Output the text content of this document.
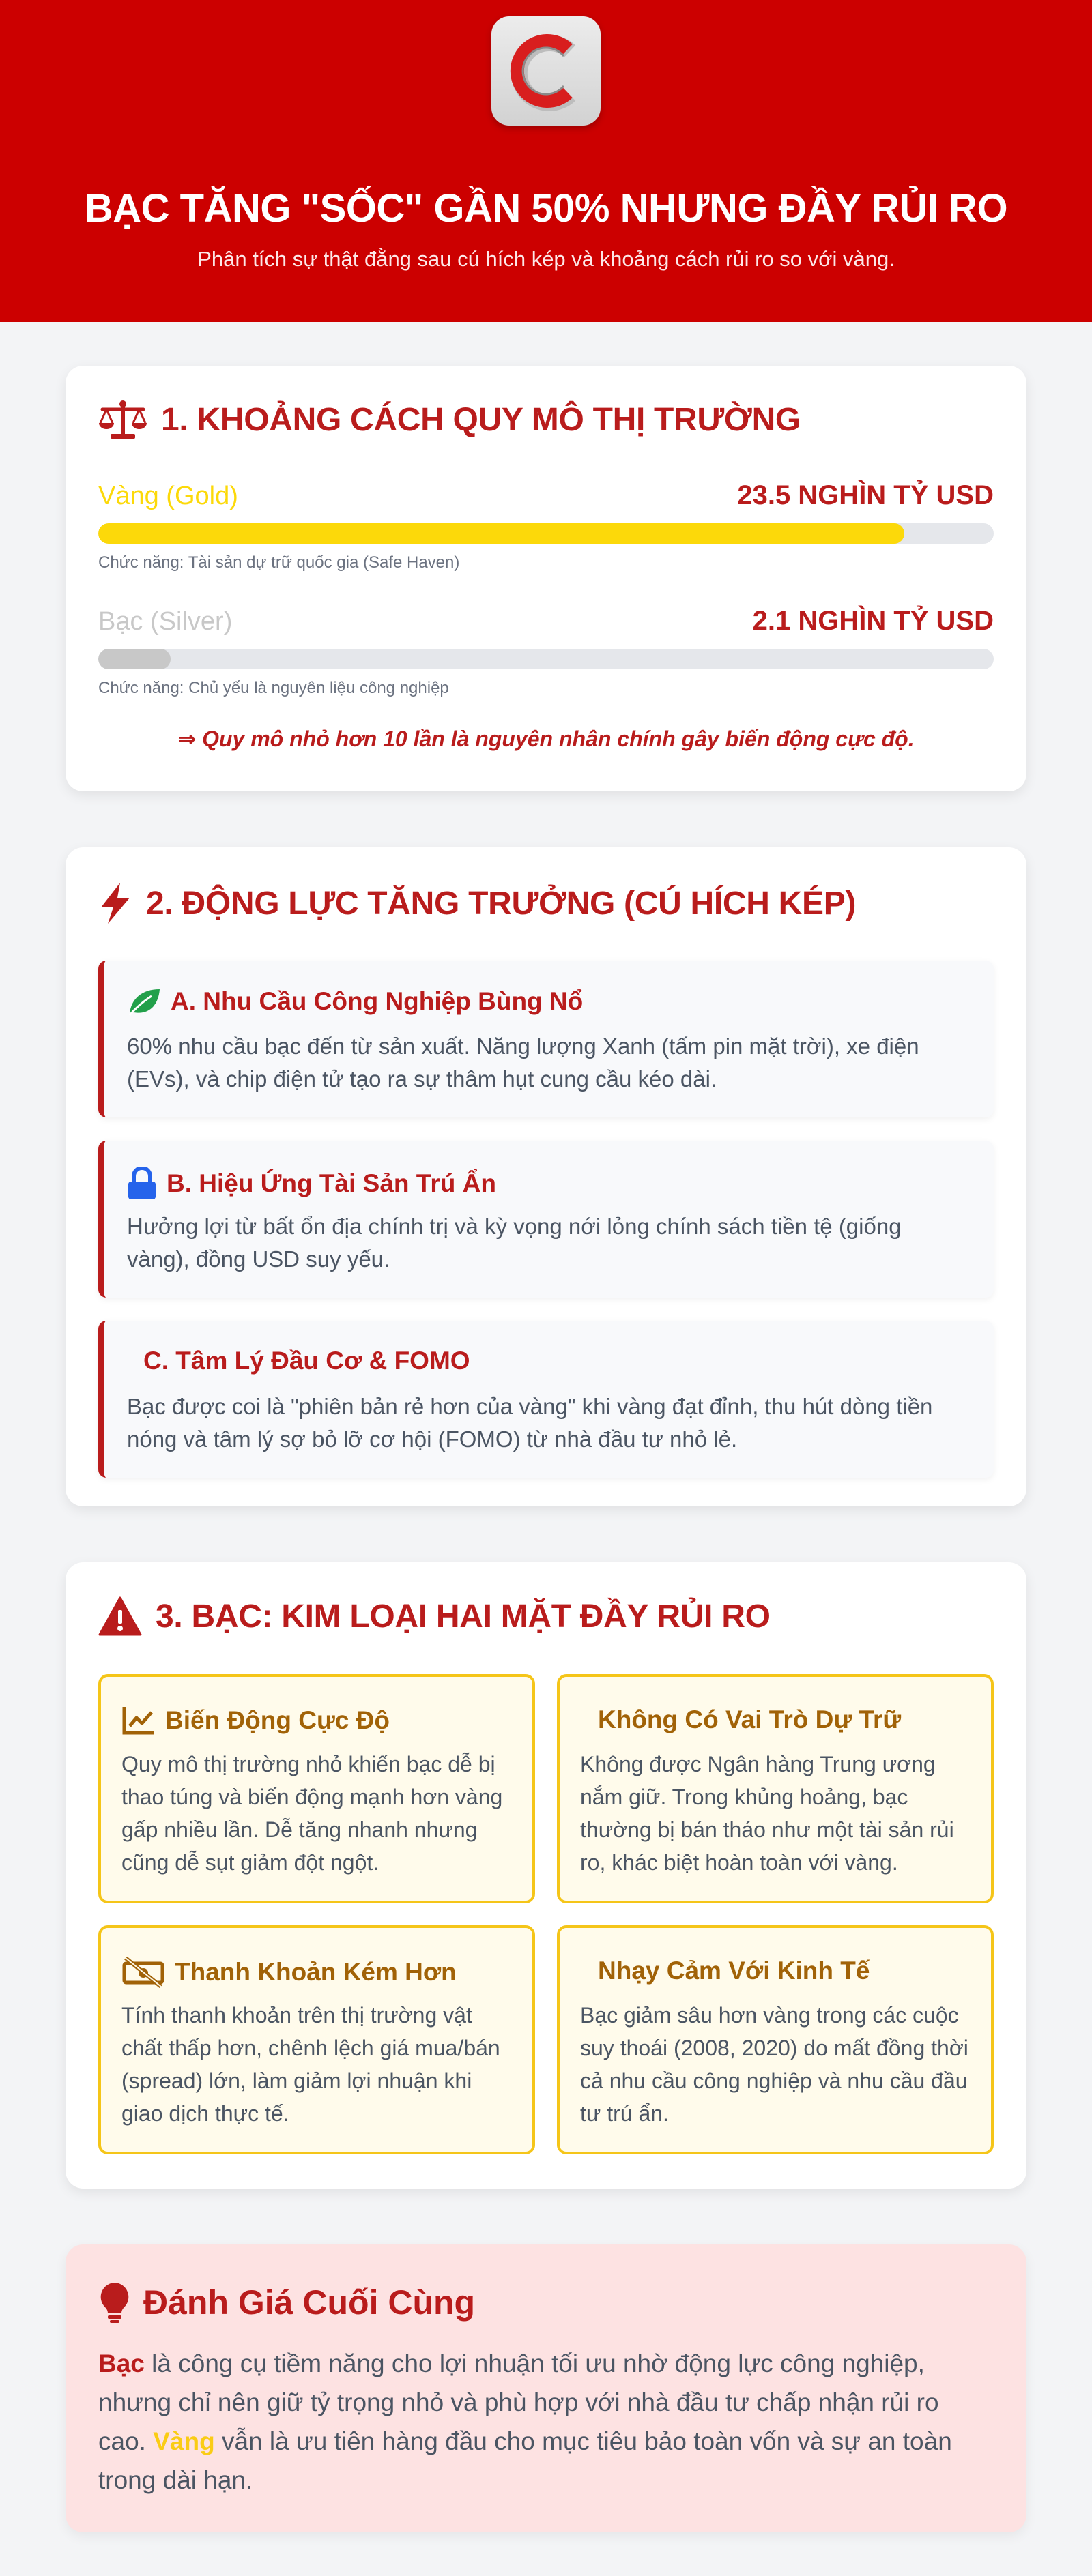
BẠC TĂNG "SỐC" GẦN 50% NHƯNG ĐẦY RỦI RO
Phân tích sự thật đằng sau cú hích kép và khoảng cách rủi ro so với vàng.
1. KHOẢNG CÁCH QUY MÔ THỊ TRƯỜNG
Vàng (Gold)	23.5 NGHÌN TỶ USD
Chức năng: Tài sản dự trữ quốc gia (Safe Haven)
Bạc (Silver)	2.1 NGHÌN TỶ USD
Chức năng: Chủ yếu là nguyên liệu công nghiệp
⇒ Quy mô nhỏ hơn 10 lần là nguyên nhân chính gây biến động cực độ.
2. ĐỘNG LỰC TĂNG TRƯỞNG (CÚ HÍCH KÉP)
A. Nhu Cầu Công Nghiệp Bùng Nổ
60% nhu cầu bạc đến từ sản xuất. Năng lượng Xanh (tấm pin mặt trời), xe điện (EVs), và chip điện tử tạo ra sự thâm hụt cung cầu kéo dài.
B. Hiệu Ứng Tài Sản Trú Ẩn
Hưởng lợi từ bất ổn địa chính trị và kỳ vọng nới lỏng chính sách tiền tệ (giống vàng), đồng USD suy yếu.
C. Tâm Lý Đầu Cơ & FOMO
Bạc được coi là "phiên bản rẻ hơn của vàng" khi vàng đạt đỉnh, thu hút dòng tiền nóng và tâm lý sợ bỏ lỡ cơ hội (FOMO) từ nhà đầu tư nhỏ lẻ.
3. BẠC: KIM LOẠI HAI MẶT ĐẦY RỦI RO
Biến Động Cực Độ
Quy mô thị trường nhỏ khiến bạc dễ bị thao túng và biến động mạnh hơn vàng gấp nhiều lần. Dễ tăng nhanh nhưng cũng dễ sụt giảm đột ngột.
Không Có Vai Trò Dự Trữ
Không được Ngân hàng Trung ương nắm giữ. Trong khủng hoảng, bạc thường bị bán tháo như một tài sản rủi ro, khác biệt hoàn toàn với vàng.
Thanh Khoản Kém Hơn
Tính thanh khoản trên thị trường vật chất thấp hơn, chênh lệch giá mua/bán (spread) lớn, làm giảm lợi nhuận khi giao dịch thực tế.
Nhạy Cảm Với Kinh Tế
Bạc giảm sâu hơn vàng trong các cuộc suy thoái (2008, 2020) do mất đồng thời cả nhu cầu công nghiệp và nhu cầu đầu tư trú ẩn.
Đánh Giá Cuối Cùng
Bạc là công cụ tiềm năng cho lợi nhuận tối ưu nhờ động lực công nghiệp, nhưng chỉ nên giữ tỷ trọng nhỏ và phù hợp với nhà đầu tư chấp nhận rủi ro cao. Vàng vẫn là ưu tiên hàng đầu cho mục tiêu bảo toàn vốn và sự an toàn trong dài hạn.
